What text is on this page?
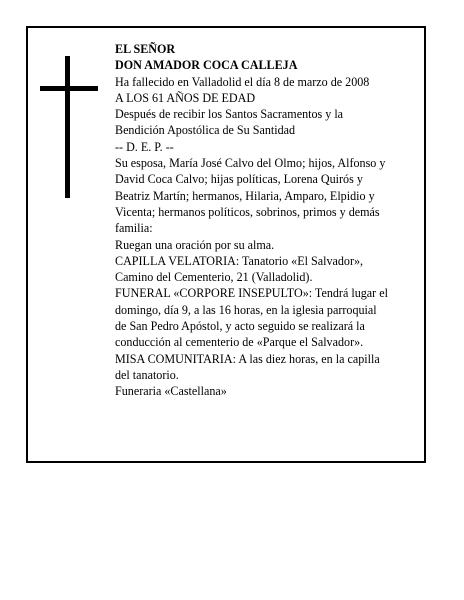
EL SEÑOR

DON AMADOR COCA CALLEJA

Ha fallecido en Valladolid el día 8 de marzo de 2008

A LOS 61 AÑOS DE EDAD

Después de recibir los Santos Sacramentos y la

Bendición Apostólica de Su Santidad

-- D. E. P. --

Su esposa, María José Calvo del Olmo; hijos, Alfonso y

David Coca Calvo; hijas políticas, Lorena Quirós y

Beatriz Martín; hermanos, Hilaria, Amparo, Elpidio y

Vicenta; hermanos políticos, sobrinos, primos y demás

familia:

Ruegan una oración por su alma.

CAPILLA VELATORIA: Tanatorio «El Salvador»,

Camino del Cementerio, 21 (Valladolid).

FUNERAL «CORPORE INSEPULTO»: Tendrá lugar el

domingo, día 9, a las 16 horas, en la iglesia parroquial

de San Pedro Apóstol, y acto seguido se realizará la

conducción al cementerio de «Parque el Salvador».

MISA COMUNITARIA: A las diez horas, en la capilla

del tanatorio.

Funeraria «Castellana»
